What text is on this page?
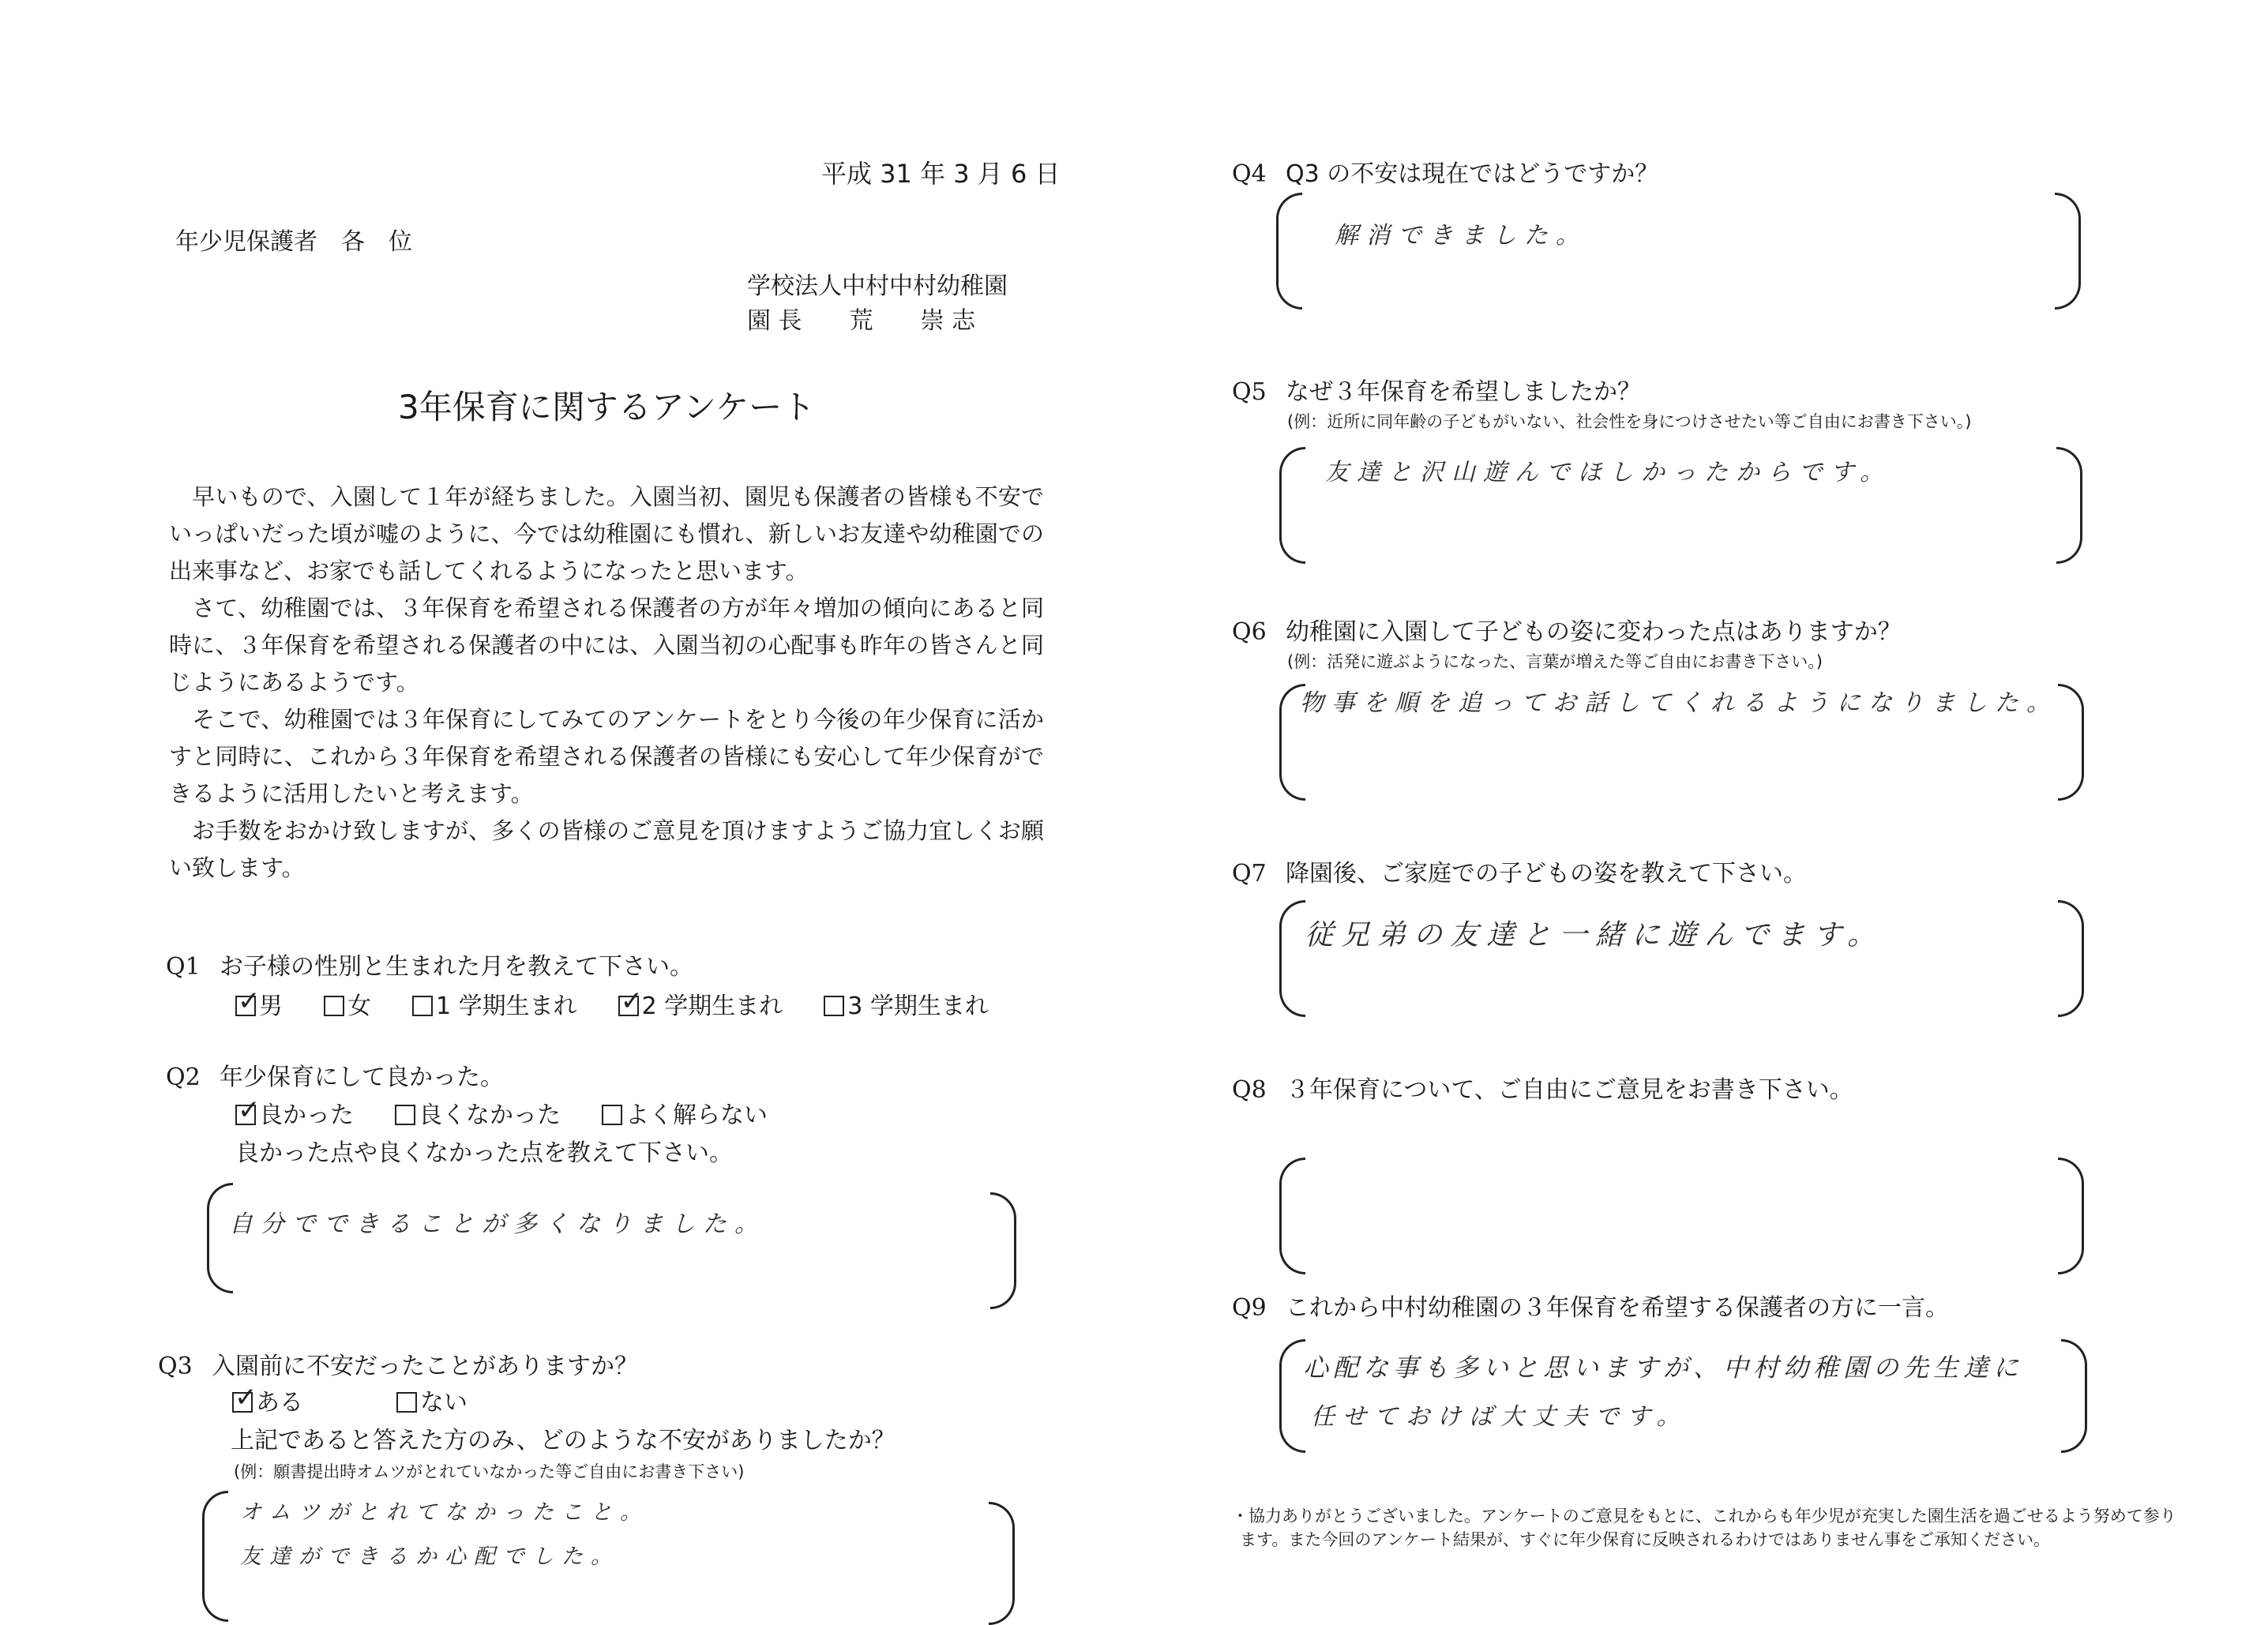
平成 31 年 3 月 6 日
年少児保護者　各　位
学校法人中村中村幼稚園
園 長　　荒　　崇 志
3年保育に関するアンケート

　早いもので、入園して１年が経ちました。入園当初、園児も保護者の皆様も不安でいっぱいだった頃が嘘のように、今では幼稚園にも慣れ、新しいお友達や幼稚園での出来事など、お家でも話してくれるようになったと思います。

　さて、幼稚園では、３年保育を希望される保護者の方が年々増加の傾向にあると同時に、３年保育を希望される保護者の中には、入園当初の心配事も昨年の皆さんと同じようにあるようです。

　そこで、幼稚園では３年保育にしてみてのアンケートをとり今後の年少保育に活かすと同時に、これから３年保育を希望される保護者の皆様にも安心して年少保育ができるように活用したいと考えます。

　お手数をおかけ致しますが、多くの皆様のご意見を頂けますようご協力宜しくお願い致します。

Q1 お子様の性別と生まれた月を教えて下さい。
✓男	女	1 学期生まれ✓	2 学期生まれ	3 学期生まれ
Q2 年少保育にして良かった。
✓良かった	良くなかった	よく解らない
良かった点や良くなかった点を教えて下さい。
自分でできることが多くなりました。
Q3 入園前に不安だったことがありますか？
✓ある	ない
上記であると答えた方のみ、どのような不安がありましたか？
(例：願書提出時オムツがとれていなかった等ご自由にお書き下さい)
オムツがとれてなかったこと。
友達ができるか心配でした。
Q4 Q3 の不安は現在ではどうですか？
解消できました。
Q5 なぜ３年保育を希望しましたか？
(例：近所に同年齢の子どもがいない、社会性を身につけさせたい等ご自由にお書き下さい。)
友達と沢山遊んでほしかったからです。
Q6 幼稚園に入園して子どもの姿に変わった点はありますか？
(例：活発に遊ぶようになった、言葉が増えた等ご自由にお書き下さい。)
物事を順を追ってお話してくれるようになりました。
Q7 降園後、ご家庭での子どもの姿を教えて下さい。
従兄弟の友達と一緒に遊んでます。
Q8 ３年保育について、ご自由にご意見をお書き下さい。
Q9 これから中村幼稚園の３年保育を希望する保護者の方に一言。
心配な事も多いと思いますが、中村幼稚園の先生達に
任せておけば大丈夫です。
・協力ありがとうございました。アンケートのご意見をもとに、これからも年少児が充実した園生活を過ごせるよう努めて参り
ます。また今回のアンケート結果が、すぐに年少保育に反映されるわけではありません事をご承知ください。
